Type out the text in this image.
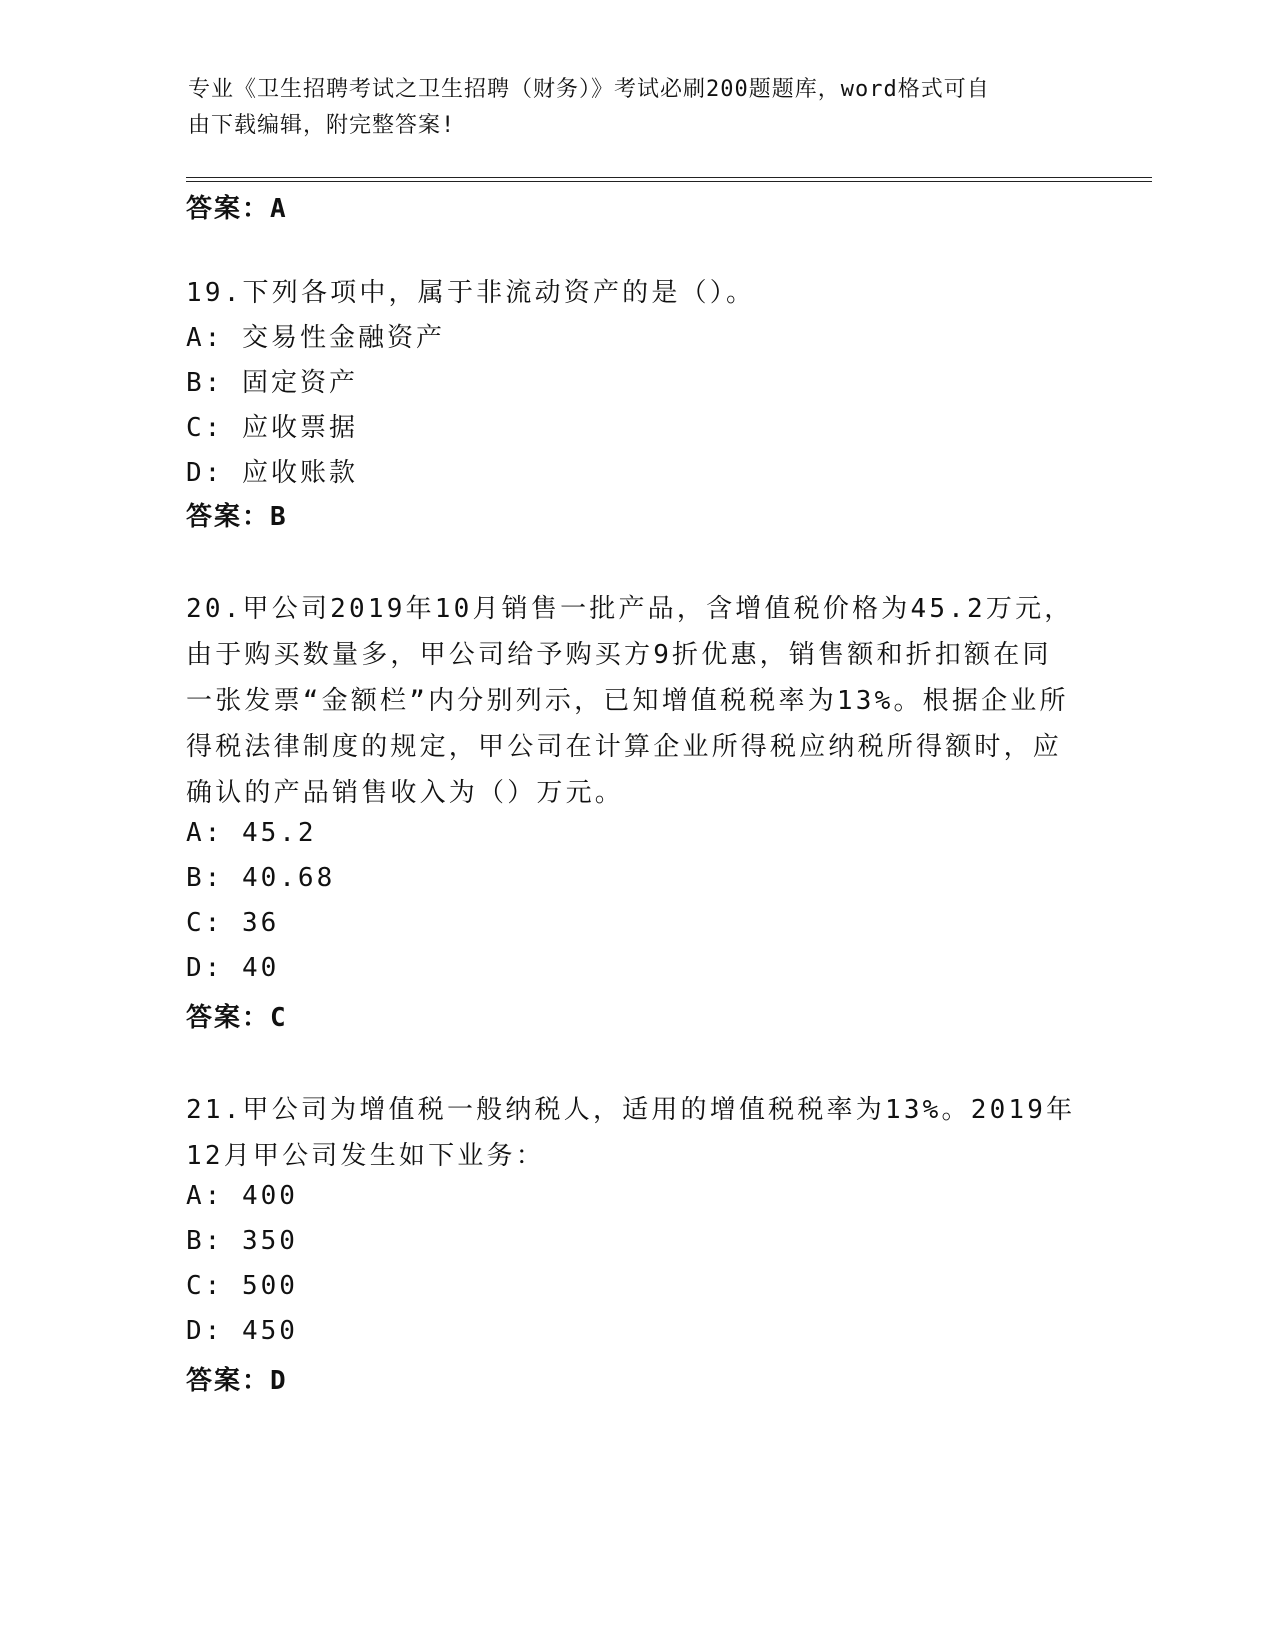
专业《卫生招聘考试之卫生招聘（财务）》考试必刷200题题库，word格式可自
由下载编辑，附完整答案!
答案：A
19.下列各项中，属于非流动资产的是（）。
A: 交易性金融资产
B: 固定资产
C: 应收票据
D: 应收账款
答案：B
20.甲公司2019年10月销售一批产品，含增值税价格为45.2万元，
由于购买数量多，甲公司给予购买方9折优惠，销售额和折扣额在同
一张发票“金额栏”内分别列示，已知增值税税率为13%。根据企业所
得税法律制度的规定，甲公司在计算企业所得税应纳税所得额时，应
确认的产品销售收入为（）万元。
A: 45.2
B: 40.68
C: 36
D: 40
答案：C
21.甲公司为增值税一般纳税人，适用的增值税税率为13%。2019年
12月甲公司发生如下业务：
A: 400
B: 350
C: 500
D: 450
答案：D
